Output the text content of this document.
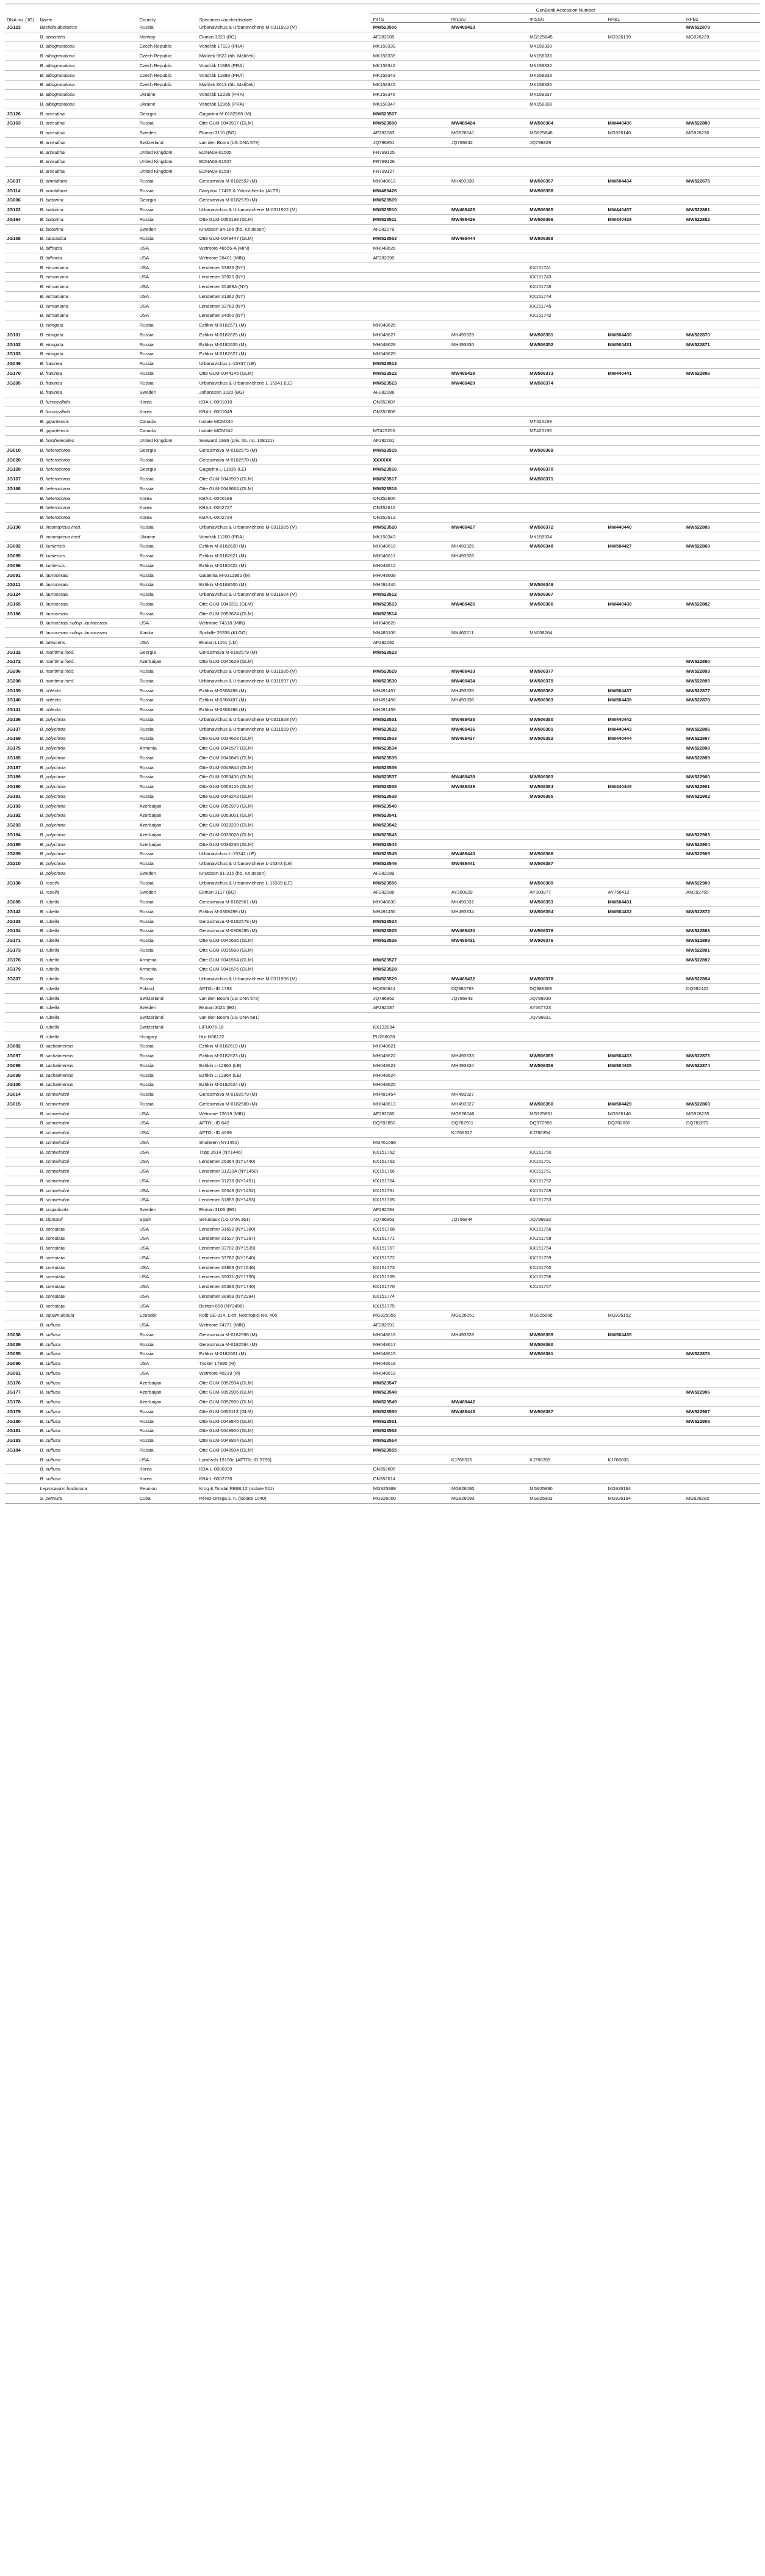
DNA no. (JG)	Name	Country	Specimen voucher/isolate	GenBank Accession Number				
				mITS	mrLSU	mtSSU	RPB1	RPB2
JG123	Baciidia absistens	Russia	Urbanavichus & Urbanavichene M-0311923 (M)	MW523506	MW489423			MW522879
	B. absistens	Norway	Ekman 3223 (BG)	AF282085		MG925845	MG926139	MG926229
	B. albogranulosa	Czech Republic	Vondrák 17113 (PRA)	MK158339		MK158339		
	B. albogranulosa	Czech Republic	Malíček 9622 (hb. Malíček)	MK158335		MK158335		
	B. albogranulosa	Czech Republic	Vondrák 11888 (PRA)	MK158342		MK158332		
	B. albogranulosa	Czech Republic	Vondrák 11889 (PRA)	MK158343		MK158333		
	B. albogranulosa	Czech Republic	Malíček 8013 (hb. Malíček)	MK158345		MK158336		
	B. albogranulosa	Ukraine	Vondrák 12235 (PRA)	MK158346		MK158337		
	B. albogranulosa	Ukraine	Vondrák 12965 (PRA)	MK158347		MK158338		
JG126	B. arceutina	Georgia	Gagarina M-0182569 (M)	MW523507				
JG163	B. arceutina	Russia	Otte GLM-0048917 (GLM)	MW523508	MW489424	MW506364	MW440436	MW522880
	B. arceutina	Sweden	Ekman 3110 (BG)	AF282083	MG926041	MG925846	MG926140	MG926230
	B. arceutina	Switzerland	van den Boom (LG DNA 579)	JQ796851	JQ796842	JQ796829		
	B. arceutina	United Kingdom	EDNA09-01505	FR799125				
	B. arceutina	United Kingdom	EDNA09-01507	FR799126				
	B. arceutina	United Kingdom	EDNA09-01587	FR799127				
JG037	B. arnoldiana	Russia	Gerasimova M-0182592 (M)	MH048612	MH493330	MW506357	MW504434	MW522675
JG114	B. arnoldiana	Russia	Davydov 17428 & Yakovchenko (ALTB)	MW489426		MW506358		
JG006	B. biatorina	Georgia	Gerasimova M-0182570 (M)	MW523509				
JG122	B. biatorina	Russia	Urbanavichus & Urbanavichene M-0311922 (M)	MW523510	MW489425	MW506365	MW440437	MW522881
JG164	B. biatorina	Russia	Otte GLM-0053198 (GLM)	MW523511	MW489426	MW506366	MW440438	MW522882
	B. biatorina	Sweden	Knutsson 94-166 (hb. Knutsson)	AF282079				
JG158	B. caucasica	Russia	Otte GLM-0048447 (GLM)	MW523553	MW489444	MW506388		
	B. diffracta	USA	Wetmore 46555-A (MIN)	MH048626				
	B. diffracta	USA	Wetmore 26401 (MIN)	AF282090				
	B. ekmaniana	USA	Lendemer 33836 (NY)			KX151741		
	B. ekmaniana	USA	Lendemer 33920 (NY)			KX151743		
	B. ekmaniana	USA	Lendemer 30488A (NY)			KX151746		
	B. ekmaniana	USA	Lendemer 31362 (NY)			KX151744		
	B. ekmaniana	USA	Lendemer 33783 (NY)			KX151745		
	B. ekmaniana	USA	Lendemer 34000 (NY)			KX151742		
	B. elongata	Russia	Ezhkin M-0182571 (M)	MH048626				
JG101	B. elongata	Russia	Ezhkin M-0182625 (M)	MH048627	MH493329	MW506351	MW504430	MW522870
JG102	B. elongata	Russia	Ezhkin M-0182626 (M)	MH048628	MH493330	MW506352	MW504431	MW522871
JG103	B. elongata	Russia	Ezhkin M-0182627 (M)	MH048629				
JG049	B. fraxinea	Russia	Urbanavichus L-15337 (LE)	MW523513				
JG170	B. fraxinea	Russia	Otte GLM-0044145 (GLM)	MW523522	MW489428	MW506373	MW440441	MW522886
JG205	B. fraxinea	Russia	Urbanavichus & Urbanavichene L-15341 (LE)	MW523523	MW489429	MW506374		
	B. fraxinea	Sweden	Johansson 1020 (BG)	AF282088				
	B. fuscopallida	Korea	KBA-L-0001010	ON352607				
	B. fuscopallida	Korea	KBA-L-0001049	ON352608				
	B. gigantensis	Canada	Isolate MCM240			MT425199		
	B. gigantensis	Canada	Isolate MCM242	MT425200		MT425196		
	B. hostheleoides	United Kingdom	Seaward 1996 (priv. hb. no. 108121)	AF282061				
JG010	B. heterochroa	Georgia	Gerasimova M-0182575 (M)	MW523515		MW506369		
JG020	B. heterochroa	Russia	Gerasimova M-0182570 (M)	XXXXXX				
JG128	B. heterochroa	Georgia	Gagarina L-11635 (LE)	MW523516		MW506370		
JG167	B. heterochroa	Russia	Otte GLM-0048909 (GLM)	MW523517		MW506371		
JG168	B. heterochroa	Russia	Otte GLM-0048664 (GLM)	MW523518				
	B. heterochroa	Korea	KBA-L-0000186	ON352606				
	B. heterochroa	Korea	KBA-L-0002727	ON352612				
	B. heterochroa	Korea	KBA-L-0002734	ON352613				
JG130	B. inconspicua ined.	Russia	Urbanavichus & Urbanavichene M-0311925 (M)	MW523520	MW489427	MW506372	MW440440	MW522885
	B. inconspicua ined.	Ukraine	Vondrák 11200 (PRA)	MK158343		MK158334		
JG092	B. kurilensis	Russia	Ezhkin M-0182620 (M)	MH048610	MH493325	MW506348	MW504427	MW522868
JG095	B. kurilensis	Russia	Ezhkin M-0182621 (M)	MH048611	MH493326			
JG096	B. kurilensis	Russia	Ezhkin M-0182622 (M)	MH048612				
JG091	B. laurocerasi	Russia	Galanina M-0311952 (M)	MH048609				
JG211	B. laurocerasi	Russia	Ezhkin M-0168500 (M)	MH491440		MW506349		
JG124	B. laurocerasi	Russia	Urbanavichus & Urbanavichene M-0311924 (M)	MW523512		MW506367		
JG165	B. laurocerasi	Russia	Otte GLM-0048211 (GLM)	MW523513	MW489426	MW506366	MW440438	MW522882
JG166	B. laurocerasi	Russia	Otte GLM-0053624 (GLM)	MW523514				
	B. laurocerasi subsp. laurocerasi	USA	Wetmore 74318 (MIN)	MH048620				
	B. laurocerasi subsp. laurocerasi	Alaska	Spribille 26338 (KLGO)	MN483106	MN460211	MN008264		
	B. lutescens	USA	Ekman L1161 (LD)	AF282062				
JG132	B. maritima ined.	Georgia	Gerasimova M-0182579 (M)	MW523523				
JG172	B. maritima ined.	Azerbaijan	Otte GLM-0040629 (GLM)					MW522890
JG206	B. maritima ined.	Russia	Urbanavichus & Urbanavichene M-0311935 (M)	MW523529	MW489433	MW506377		MW522893
JG208	B. maritima ined.	Russia	Urbanavichus & Urbanavichene M-0311937 (M)	MW523530	MW489434	MW506379		MW522895
JG139	B. obtecta	Russia	Ezhkin M-0308498 (M)	MH491457	MH493335	MW506362	MW504437	MW522877
JG140	B. obtecta	Russia	Ezhkin M-0308497 (M)	MH491458	MH493336	MW506363	MW504438	MW522878
JG141	B. obtecta	Russia	Ezhkin M-0308496 (M)	MH491459				
JG136	B. polychroa	Russia	Urbanavichus & Urbanavichene M-0311928 (M)	MW523531	MW489435	MW506380	MW440442	
JG137	B. polychroa	Russia	Urbanavichus & Urbanavichene M-0311929 (M)	MW523532	MW489436	MW506381	MW440443	MW522896
JG169	B. polychroa	Russia	Otte GLM-0034608 (GLM)	MW523533	MW489437	MW506382	MW440444	MW522897
JG175	B. polychroa	Armenia	Otte GLM-0041577 (GLM)	MW523534				MW522898
JG185	B. polychroa	Russia	Otte GLM-0048845 (GLM)	MW523535				MW522899
JG187	B. polychroa	Russia	Otte GLM-0048844 (GLM)	MW523536				
JG189	B. polychroa	Russia	Otte GLM-0053430 (GLM)	MW523537	MW489438	MW506383		MW522900
JG190	B. polychroa	Russia	Otte GLM-0053126 (GLM)	MW523538	MW489439	MW506384	MW440445	MW522901
JG191	B. polychroa	Russia	Otte GLM-0048243 (GLM)	MW523539		MW506385		MW522902
JG193	B. polychroa	Azerbaijan	Otte GLM-0052979 (GLM)	MW523540				
JG192	B. polychroa	Azerbaijan	Otte GLM-0053001 (GLM)	MW523541				
JG293	B. polychroa	Azerbaijan	Otte GLM-0039239 (GLM)	MW523542				
JG194	B. polychroa	Azerbaijan	Otte GLM-0039028 (GLM)	MW523543				MW522903
JG195	B. polychroa	Azerbaijan	Otte GLM-0039236 (GLM)	MW523544				MW522904
JG209	B. polychroa	Russia	Urbanavichus L-15342 (LE)	MW523545	MW489440	MW506386		MW522905
JG210	B. polychroa	Russia	Urbanavichus & Urbanavichene L-15343 (LE)	MW523546	MW489441	MW506387		
	B. polychroa	Sweden	Knutsson 91-215 (hb. Knutsson)	AF282089				
JG138	B. rosella	Russia	Urbanavichus & Urbanavichene L-15339 (LE)	MW523556		MW506389		MW522909
	B. rosella	Sweden	Ekman 3117 (BG)	AF282086	AY300829	AY300877	AY756412	AM292755
JG085	B. rubella	Russia	Gerasimova M-0182561 (M)	MH048630	MH493331	MW506353	MW504431	
JG142	B. rubella	Russia	Ezhkin M-0308499 (M)	MH491456	MH493334	MW506354	MW504432	MW522872
JG133	B. rubella	Russia	Gerasimova M-0182578 (M)	MW523524				
JG134	B. rubella	Russia	Gerasimova M-0308495 (M)	MW523525	MW489430	MW506376		MW522888
JG171	B. rubella	Russia	Otte GLM-0040636 (GLM)	MW523526	MW489431	MW506376		MW522889
JG173	B. rubella	Russia	Otte GLM-0035588 (GLM)					MW522891
JG176	B. rubella	Armenia	Otte GLM-0041554 (GLM)	MW523527				MW522892
JG179	B. rubella	Armenia	Otte GLM-0041576 (GLM)	MW523528				
JG207	B. rubella	Russia	Urbanavichus & Urbanavichene M-0311936 (M)	MW523529	MW489432	MW506378		MW522894
	B. rubella	Poland	AFTOL-ID 1793	HQ650644	DQ986793	DQ986808		DQ992422
	B. rubella	Switzerland	van den Boom (LG DNA 578)	JQ796852	JQ796843	JQ796830		
	B. rubella	Sweden	Ekman 3021 (BG)	AF282087		AY567723		
	B. rubella	Switzerland	van den Boom (LG DNA 581)			JQ796831		
	B. rubella	Switzerland	LIFU076-16	KX132984				
	B. rubella	Hungary	Hur H06122	EU266078				
JG082	B. sachalinensis	Russia	Ezhkin M-0182619 (M)	MH048621				
JG097	B. sachalinensis	Russia	Ezhkin M-0182623 (M)	MH048622	MH493333	MW506355	MW504433	MW522873
JG098	B. sachalinensis	Russia	Ezhkin L-12963 (LE)	MH048623	MH493334	MW506356	MW504435	MW522874
JG099	B. sachalinensis	Russia	Ezhkin L-12964 (LE)	MH048624				
JG100	B. sachalinensis	Russia	Ezhkin M-0182624 (M)	MH048625				
JG014	B. schweinitzii	Russia	Gerasimova M-0182579 (M)	MH491454	MH493327			
JG015	B. schweinitzii	Russia	Gerasimova M-0182580 (M)	MH048613	MH493327	MW506350	MW504429	MW522869
	B. schweinitzii	USA	Wetmore 72619 (MIN)	AF282080	MG926046	MG925851	MG926146	MG926235
	B. schweinitzii	USA	AFTOL-ID 642	DQ782850	DQ782911	DQ972996	DQ782830	DQ782872
	B. schweinitzii	USA	AFTOL-ID 4069		KJ766527	KJ766354		
	B. schweinitzii	USA	Shaheen (NY1451)	MG461696				
	B. schweinitzii	USA	Tripp 2614 (NY1446)	KX151762		KX151750		
	B. schweinitzii	USA	Lendemer 26364 (NY1440)	KX151763		KX151751		
	B. schweinitzii	USA	Lendemer 31230A (NY1450)	KX151766		KX151751		
	B. schweinitzii	USA	Lendemer 31238 (NY1451)	KX151764		KX151752		
	B. schweinitzii	USA	Lendemer 30548 (NY1452)	KX151761		KX151749		
	B. schweinitzii	USA	Lendemer 31855 (NY1453)	KX151765		KX151753		
	B. scopulicola	Sweden	Ekman 3106 (BG)	AF282084				
	B. sipmanii	Spain	Sérusiaux (LG DNA 361)	JQ796853	JQ796844	JQ796832		
	B. sorediata	USA	Lendemer 31692 (NY1380)	KX151768		KX151756		
	B. sorediata	USA	Lendemer 31527 (NY1397)	KX151771		KX151758		
	B. sorediata	USA	Lendemer 33702 (NY1539)	KX151767		KX151754		
	B. sorediata	USA	Lendemer 33787 (NY1540)	KX151772		KX151759		
	B. sorediata	USA	Lendemer 33869 (NY1546)	KX151773		KX151760		
	B. sorediata	USA	Lendemer 35031 (NY1750)	KX151769		KX151756		
	B. sorediata	USA	Lendemer 35386 (NY1740)	KX151770		KX151757		
	B. sorediata	USA	Lendemer 38909 (NY2294)	KX151774				
	B. sorediata	USA	Benton 658 (NY2496)	KX151775				
	B. squamulosula	Ecuador	Kolb SE-314, Lich. Neotropici No. 405	MG925955	MG926051	MG925856	MG926152	
	B. suffusa	USA	Wetmore 74771 (MIN)	AF282091				
JG038	B. suffusa	Russia	Gerasimova M-0182596 (M)	MH048616	MH493328	MW506359	MW504435	
JG039	B. suffusa	Russia	Gerasimova M-0182594 (M)	MH048617		MW506360		
JG055	B. suffusa	Russia	Ezhkin M-0182601 (M)	MH048615		MW506361		MW522876
JG090	B. suffusa	USA	Tucker 17990 (M)	MH048618				
JG061	B. suffusa	USA	Wetmore 40219 (M)	MH048619				
JG176	B. suffusa	Azerbaijan	Otte GLM-0052934 (GLM)	MW523547				
JG177	B. suffusa	Azerbaijan	Otte GLM-0052906 (GLM)	MW523548				MW522906
JG178	B. suffusa	Azerbaijan	Otte GLM-0052950 (GLM)	MW523549	MW489442			
JG179	B. suffusa	Russia	Otte GLM-0055113 (GLM)	MW523550	MW489443	MW506387		MW522907
JG180	B. suffusa	Russia	Otte GLM-0048845 (GLM)	MW523551				MW522908
JG181	B. suffusa	Russia	Otte GLM-0048906 (GLM)	MW523552				
JG183	B. suffusa	Russia	Otte GLM-0048904 (GLM)	MW523554				
JG184	B. suffusa	Russia	Otte GLM-0048904 (GLM)	MW523555				
	B. suffusa	USA	Lumbsch 19190c (AFTOL-ID 5795)		KJ766526	KJ766355	KJ766836	
	B. suffusa	Korea	KBA-L-0000339	ON352605				
	B. suffusa	Korea	KBA-L-0002776	ON352614				
	Leprocaulon borbonica	Reunion	Krog & Timdal RE88,12 (isolate 511)	MG925988	MG926080	MG925890	MG926184	
	S. pertexta	Cuba	Pérez-Ortega s. n. (isolate 1040)	MG926000	MG926093	MG925903	MG926194	MG926282
